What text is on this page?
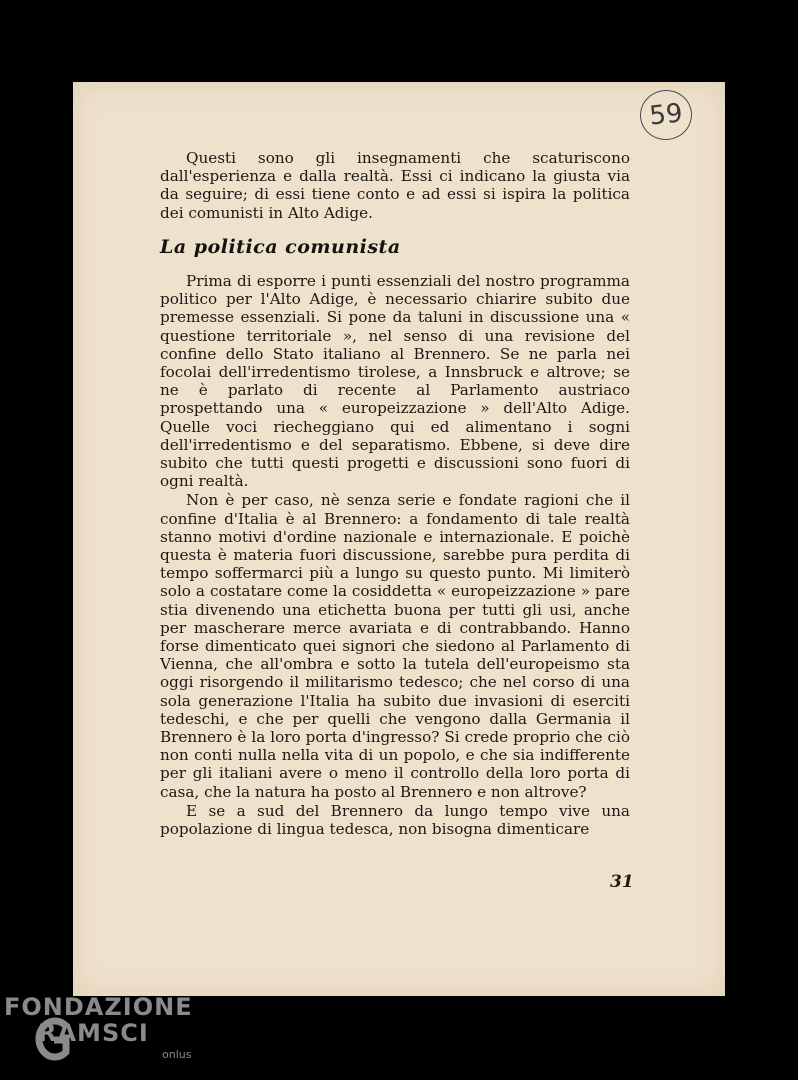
59

Questi sono gli insegnamenti che scaturiscono dall'esperienza e dalla realtà. Essi ci indicano la giusta via da seguire; di essi tiene conto e ad essi si ispira la politica dei comunisti in Alto Adige.

La politica comunista

Prima di esporre i punti essenziali del nostro programma politico per l'Alto Adige, è necessario chiarire subito due premesse essenziali. Si pone da taluni in discussione una « questione territoriale », nel senso di una revisione del confine dello Stato italiano al Brennero. Se ne parla nei focolai dell'irredentismo tirolese, a Innsbruck e altrove; se ne è parlato di recente al Parlamento austriaco prospettando una « europeizzazione » dell'Alto Adige. Quelle voci riecheggiano qui ed alimentano i sogni dell'irredentismo e del separatismo. Ebbene, si deve dire subito che tutti questi progetti e discussioni sono fuori di ogni realtà.

Non è per caso, nè senza serie e fondate ragioni che il confine d'Italia è al Brennero: a fondamento di tale realtà stanno motivi d'ordine nazionale e internazionale. E poichè questa è materia fuori discussione, sarebbe pura perdita di tempo soffermarci più a lungo su questo punto. Mi limiterò solo a costatare come la cosiddetta « europeizzazione » pare stia divenendo una etichetta buona per tutti gli usi, anche per mascherare merce avariata e di contrabbando. Hanno forse dimenticato quei signori che siedono al Parlamento di Vienna, che all'ombra e sotto la tutela dell'europeismo sta oggi risorgendo il militarismo tedesco; che nel corso di una sola generazione l'Italia ha subito due invasioni di eserciti tedeschi, e che per quelli che vengono dalla Germania il Brennero è la loro porta d'ingresso? Si crede proprio che ciò non conti nulla nella vita di un popolo, e che sia indifferente per gli italiani avere o meno il controllo della loro porta di casa, che la natura ha posto al Brennero e non altrove?

E se a sud del Brennero da lungo tempo vive una popolazione di lingua tedesca, non bisogna dimenticare

31
FONDAZIONE
RAMSCI
onlus
